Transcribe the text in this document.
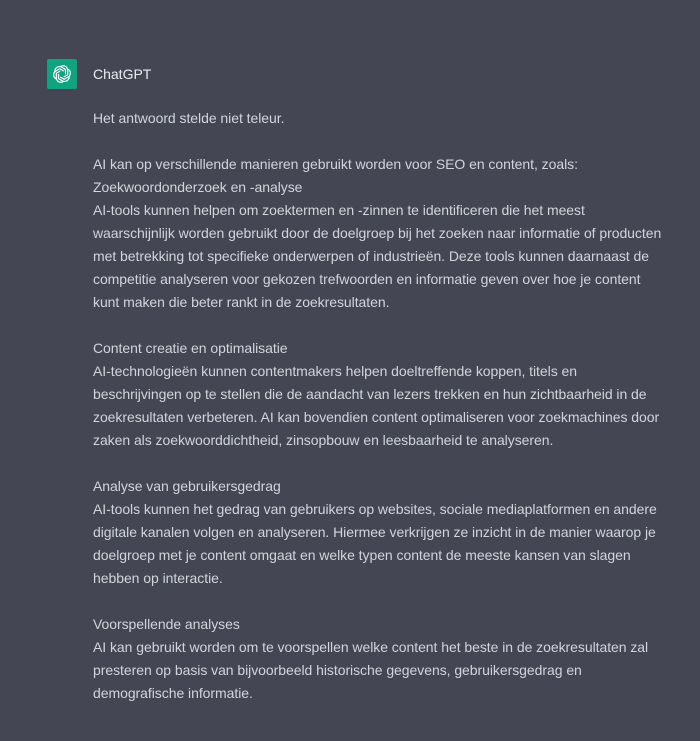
ChatGPT

Het antwoord stelde niet teleur.

AI kan op verschillende manieren gebruikt worden voor SEO en content, zoals:
Zoekwoordonderzoek en -analyse
AI-tools kunnen helpen om zoektermen en -zinnen te identificeren die het meest waarschijnlijk worden gebruikt door de doelgroep bij het zoeken naar informatie of producten met betrekking tot specifieke onderwerpen of industrieën. Deze tools kunnen daarnaast de competitie analyseren voor gekozen trefwoorden en informatie geven over hoe je content kunt maken die beter rankt in de zoekresultaten.

Content creatie en optimalisatie
AI-technologieën kunnen contentmakers helpen doeltreffende koppen, titels en beschrijvingen op te stellen die de aandacht van lezers trekken en hun zichtbaarheid in de zoekresultaten verbeteren. AI kan bovendien content optimaliseren voor zoekmachines door zaken als zoekwoorddichtheid, zinsopbouw en leesbaarheid te analyseren.

Analyse van gebruikersgedrag
AI-tools kunnen het gedrag van gebruikers op websites, sociale mediaplatformen en andere digitale kanalen volgen en analyseren. Hiermee verkrijgen ze inzicht in de manier waarop je doelgroep met je content omgaat en welke typen content de meeste kansen van slagen hebben op interactie.

Voorspellende analyses
AI kan gebruikt worden om te voorspellen welke content het beste in de zoekresultaten zal presteren op basis van bijvoorbeeld historische gegevens, gebruikersgedrag en demografische informatie.
